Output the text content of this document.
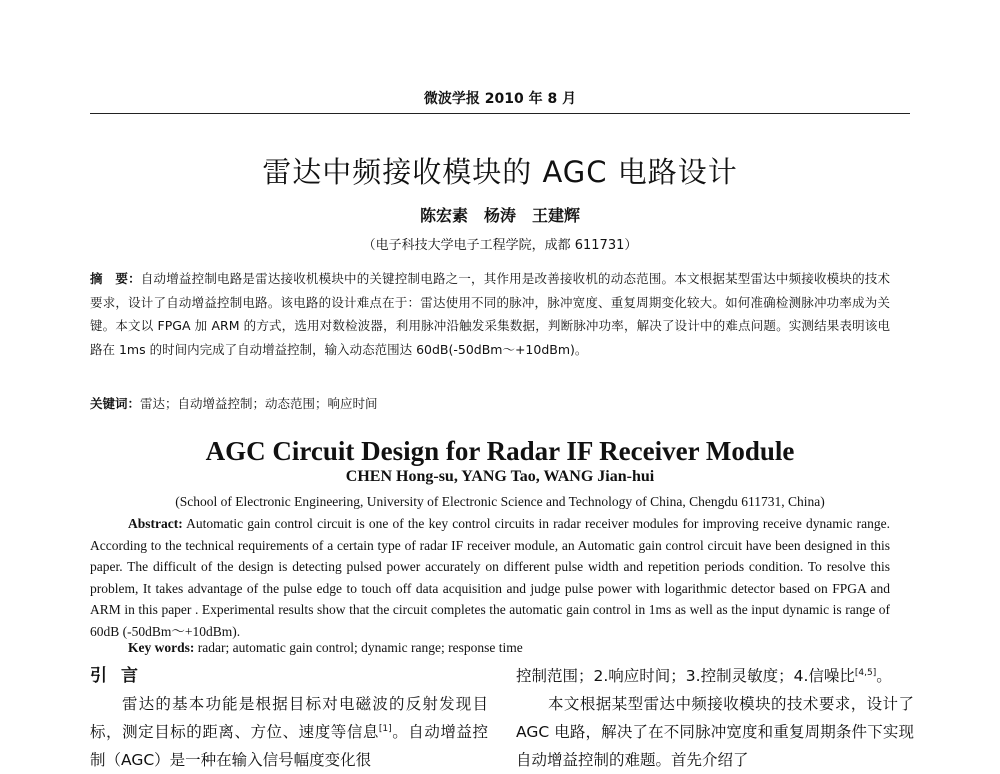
微波学报 2010 年 8 月
雷达中频接收模块的 AGC 电路设计
陈宏素　杨涛　王建辉
（电子科技大学电子工程学院，成都 611731）
摘　要：自动增益控制电路是雷达接收机模块中的关键控制电路之一，其作用是改善接收机的动态范围。本文根据某型雷达中频接收模块的技术要求，设计了自动增益控制电路。该电路的设计难点在于：雷达使用不同的脉冲，脉冲宽度、重复周期变化较大。如何准确检测脉冲功率成为关键。本文以 FPGA 加 ARM 的方式，选用对数检波器，利用脉冲沿触发采集数据，判断脉冲功率，解决了设计中的难点问题。实测结果表明该电路在 1ms 的时间内完成了自动增益控制，输入动态范围达 60dB(-50dBm～+10dBm)。
关键词：雷达；自动增益控制；动态范围；响应时间
AGC Circuit Design for Radar IF Receiver Module
CHEN Hong-su, YANG Tao, WANG Jian-hui
(School of Electronic Engineering, University of Electronic Science and Technology of China, Chengdu 611731, China)
Abstract: Automatic gain control circuit is one of the key control circuits in radar receiver modules for improving receive dynamic range. According to the technical requirements of a certain type of radar IF receiver module, an Automatic gain control circuit have been designed in this paper. The difficult of the design is detecting pulsed power accurately on different pulse width and repetition periods condition. To resolve this problem, It takes advantage of the pulse edge to touch off data acquisition and judge pulse power with logarithmic detector based on FPGA and ARM in this paper . Experimental results show that the circuit completes the automatic gain control in 1ms as well as the input dynamic is range of 60dB (-50dBm～+10dBm).
Key words: radar; automatic gain control; dynamic range; response time
引言
雷达的基本功能是根据目标对电磁波的反射发现目标，测定目标的距离、方位、速度等信息[1]。自动增益控制（AGC）是一种在输入信号幅度变化很
控制范围；2.响应时间；3.控制灵敏度；4.信噪比[4,5]。
本文根据某型雷达中频接收模块的技术要求，设计了 AGC 电路，解决了在不同脉冲宽度和重复周期条件下实现自动增益控制的难题。首先介绍了
